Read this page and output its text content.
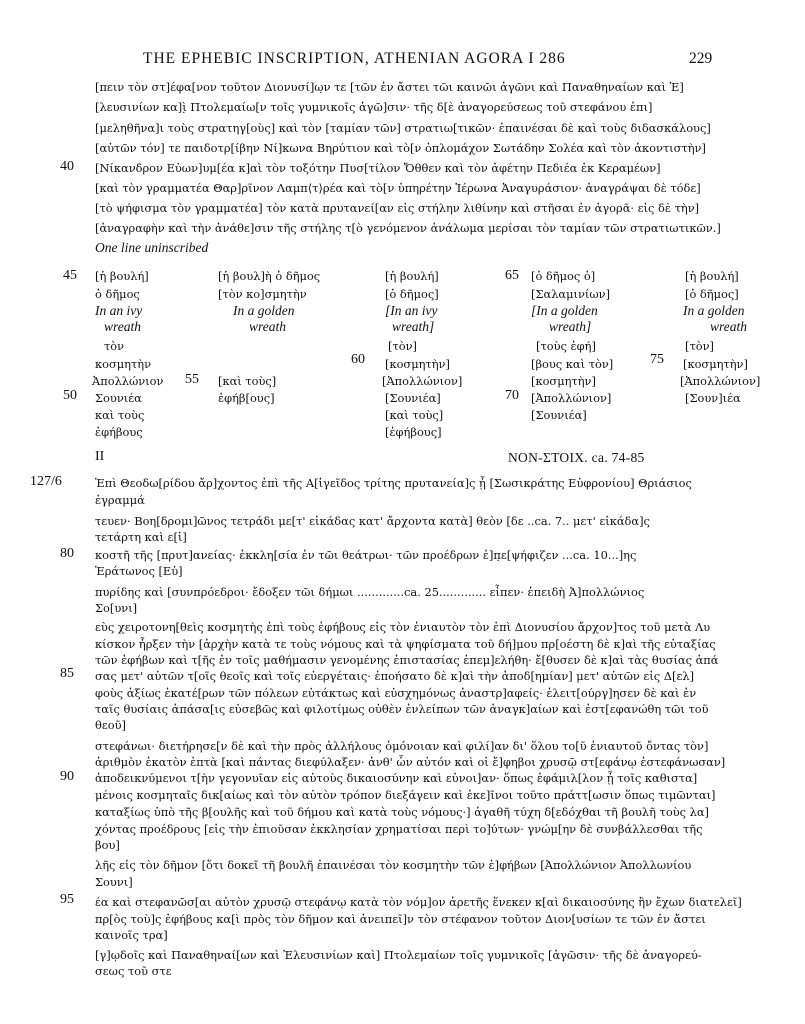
THE EPHEBIC INSCRIPTION, ATHENIAN AGORA I 286	229
[πειν τὸν στ]έφα[νον τοῦτον Διονυσί]ω̣ν τε [τῶν ἐν ἄστει τῶι καινῶι ἀγῶνι καὶ Παναθηναίων καὶ Ἐ]
[λευσινίων κα]ὶ̣ Πτολεμαίω[ν τοῖς γυμνικοῖς ἀγῶ]σιν· τῆς δ[ὲ ἀναγορεύσεως τοῦ στεφάνου ἐπι]
[μεληθῆνα]ι τοὺς στρατηγ[οὺς] καὶ τὸν [ταμίαν τῶν] στρατιω[τικῶν· ἐπαινέσαι δὲ καὶ τοὺς διδασκάλους]
[αὐτῶν τόν] τε παιδοτρ[ίβην Νί]κωνα Βηρύτιον καὶ τὸ[ν ὁπλομάχον Σωτάδην Σολέα καὶ τὸν ἀκοντιστὴν]
40 [Νίκανδρον Εὐων]υμ[έα κ]αὶ τὸν τοξότην Πυσ[τίλον Ὄθθεν καὶ τὸν ἀφέτην Πεδιέα ἐκ Κεραμέων]
[καὶ τὸν γραμματέα Θαρ]ρῖνον Λαμπ⟨τ⟩ρέα καὶ τὸ[ν ὑπηρέτην Ἱέρωνα Ἀναγυράσιον· ἀναγράψαι δὲ τόδε]
[τὸ ψήφισμα τὸν γραμματέα] τὸν κατὰ πρυτανεί[αν εἰς στήλην λιθίνην καὶ στῆσαι ἐν ἀγορᾶ· εἰς δὲ τὴν]
[ἀναγραφὴν καὶ τὴν ἀνάθε]σιν τῆς στήλης τ[ὸ γενόμενον ἀνάλωμα μερίσαι τὸν ταμίαν τῶν στρατιωτικῶν.]
One line uninscribed
45
50
55
60
65
70
75
[ἡ βουλή]
ὁ δῆμος
In an ivy
wreath
τὸν
κοσμητὴν
Ἀπολλώνιον
Σουνιέα
καὶ τοὺς
ἐφήβους
[ἡ βουλ]ὴ ὁ δῆμος
[τὸν κο]σμητὴν
In a golden
wreath
[καὶ τοὺς]
ἐφήβ[ους]
[ἡ βουλή]
[ὁ δῆμος]
[In an ivy
wreath]
[τὸν]
[κοσμητὴν]
[Ἀπολλώνιον]
[Σουνιέα]
[καὶ τοὺς]
[ἐφήβους]
[ὁ δῆμος ὁ]
[Σαλαμινίων]
[In a golden
wreath]
[τοὺς ἐφή]
[βους καὶ τὸν]
[κοσμητὴν]
[Ἀπολλώνιον]
[Σουνιέα]
[ἡ βουλή]
[ὁ δῆμος]
In a golden
wreath
[τὸν]
[κοσμητὴν]
[Ἀπολλώνιον]
[Σουν]ιέα
II	NON-ΣΤΟΙΧ. ca. 74-85
127/6
80
85
90
95
Ἐπὶ Θεοδω[ρίδου ἄρ]χοντος ἐπὶ τῆς Α[ἰγεῖδος τρίτης πρυτανεία]ς ᾗ [Σωσικράτης Εὐφρονίου] Θριάσιος
ἐγραμμά
τευεν· Βοη[δρομι]ῶνος τετράδι με[τ' εἰκάδας κατ' ἄρχοντα κατὰ] θεὸν [δε ..ca. 7.. μετ' εἰκάδα]ς
τετάρτη καὶ ε[ἰ]
κοστῆ τῆς [πρυτ]ανείας· ἐκκλη[σία ἐν τῶι θεάτρωι· τῶν προέδρων ἐ]π̣ε[ψήφιζεν ...ca. 10...]ης
Ἐράτωνος [Εὐ]
πυρίδης καὶ [συνπρόεδροι· ἔδοξεν τῶι δήμωι .............ca. 25............. εἶπεν· ἐπειδὴ Ἀ]πολλώνιος
Σο[υνι]
εὺς χειροτονη[θεὶς κοσμητὴς ἐπὶ τοὺς ἐφήβους εἰς τὸν ἐνιαυτὸν τὸν ἐπὶ Διονυσίου ἄρχον]τος τοῦ μετὰ Λυ
κίσκον ἦρξεν τὴν [ἀρχὴν κατὰ τε τοὺς νόμους καὶ τὰ ψηφίσματα τοῦ δή]μου πρ[οέστη δὲ κ]αὶ τῆς εὐταξίας
τῶν ἐφήβων καὶ τ[ῆς ἐν τοῖς μαθήμασιν γενομένης ἐπιστασίας ἐπεμ]ελήθη· ἔ[θυσεν δὲ κ]αὶ τὰς θυσίας ἁπά
σας μετ' αὐτῶν τ[οῖς θεοῖς καὶ τοῖς εὐεργέταις· ἐποήσατο δὲ κ]αὶ τὴν ἀποδ[ημίαν] μετ' αὐτῶν εἰς Δ[ελ]
φοὺς ἀξίως ἑκατέ[ρων τῶν πόλεων εὐτάκτως καὶ εὐσχημόνως ἀναστρ]αφείς· ἐλειτ[ούργ]ησεν δὲ καὶ ἐν
ταῖς θυσίαις ἁπάσα[ις εὐσεβῶς καὶ φιλοτίμως οὐθὲν ἐνλείπων τῶν ἀναγκ]αίων καὶ ἐστ[εφανώθη τῶι τοῦ
θεοῦ]
στεφάνωι· διετήρησε[ν δὲ καὶ τὴν πρὸς ἀλλήλους ὁμόνοιαν καὶ φιλί]αν δι' ὅλου το[ῦ ἐνιαυτοῦ ὄντας τὸν]
ἀριθμὸν ἑκατὸν ἑπτὰ [καὶ πάντας διεφύλαξεν· ἀνθ' ὧν αὐτόν καὶ οἱ ἔ]φηβοι χρυσῷ στ[εφάνῳ ἐστεφάνωσαν]
ἀποδεικνύμενοι τ[ὴν γεγονυῖαν εἰς αὐτοὺς δικαιοσύνην καὶ εὐνοι]αν· ὅπως ἐφάμιλ[λον ᾖ τοῖς καθιστα]
μένοις κοσμηταῖς δικ[αίως καὶ τὸν αὐτὸν τρόπον διεξάγειν καὶ ἐκε]ῖνοι τοῦτο πράττ[ωσιν ὅπως τιμῶνται]
καταξίως ὑπὸ τῆς β[ουλῆς καὶ τοῦ δήμου καὶ κατὰ τοὺς νόμους·] ἀγαθῆ τύχη δ[εδόχθαι τῆ βουλῆ τοὺς λα]
χόντας προέδρους [εἰς τὴν ἐπιοῦσαν ἐκκλησίαν χρηματίσαι περὶ το]ύτων· γνώμ[ην δὲ συνβάλλεσθαι τῆς
βου]
λῆς εἰς τὸν δῆμον [ὅτι δοκεῖ τῆ βουλῆ ἐπαινέσαι τὸν κοσμητὴν τῶν ἐ]φήβων [Ἀπολλώνιον Ἀπολλωνίου
Σουνι]
έα καὶ στεφανῶσ[αι αὐτὸν χρυσῷ στεφάνῳ κατὰ τὸν νόμ]ον ἀρετῆς ἕνεκεν κ[αὶ δικαιοσύνης ἣν ἔχων διατελεῖ]
πρ[ὸς τοὺ]ς ἐφήβους κα[ὶ πρὸς τὸν δῆμον καὶ ἀνειπεῖ]ν τὸν στέφανον τοῦτον Διον[υσίων τε τῶν ἐν ἄστει
καινοῖς τρα]
[γ]ῳδοῖς καὶ Παναθηναί[ων καὶ Ἐλευσινίων καὶ] Πτολεμαίων τοῖς γυμνικοῖς [ἀγῶσιν· τῆς δὲ ἀναγορεύ-
σεως τοῦ στε
